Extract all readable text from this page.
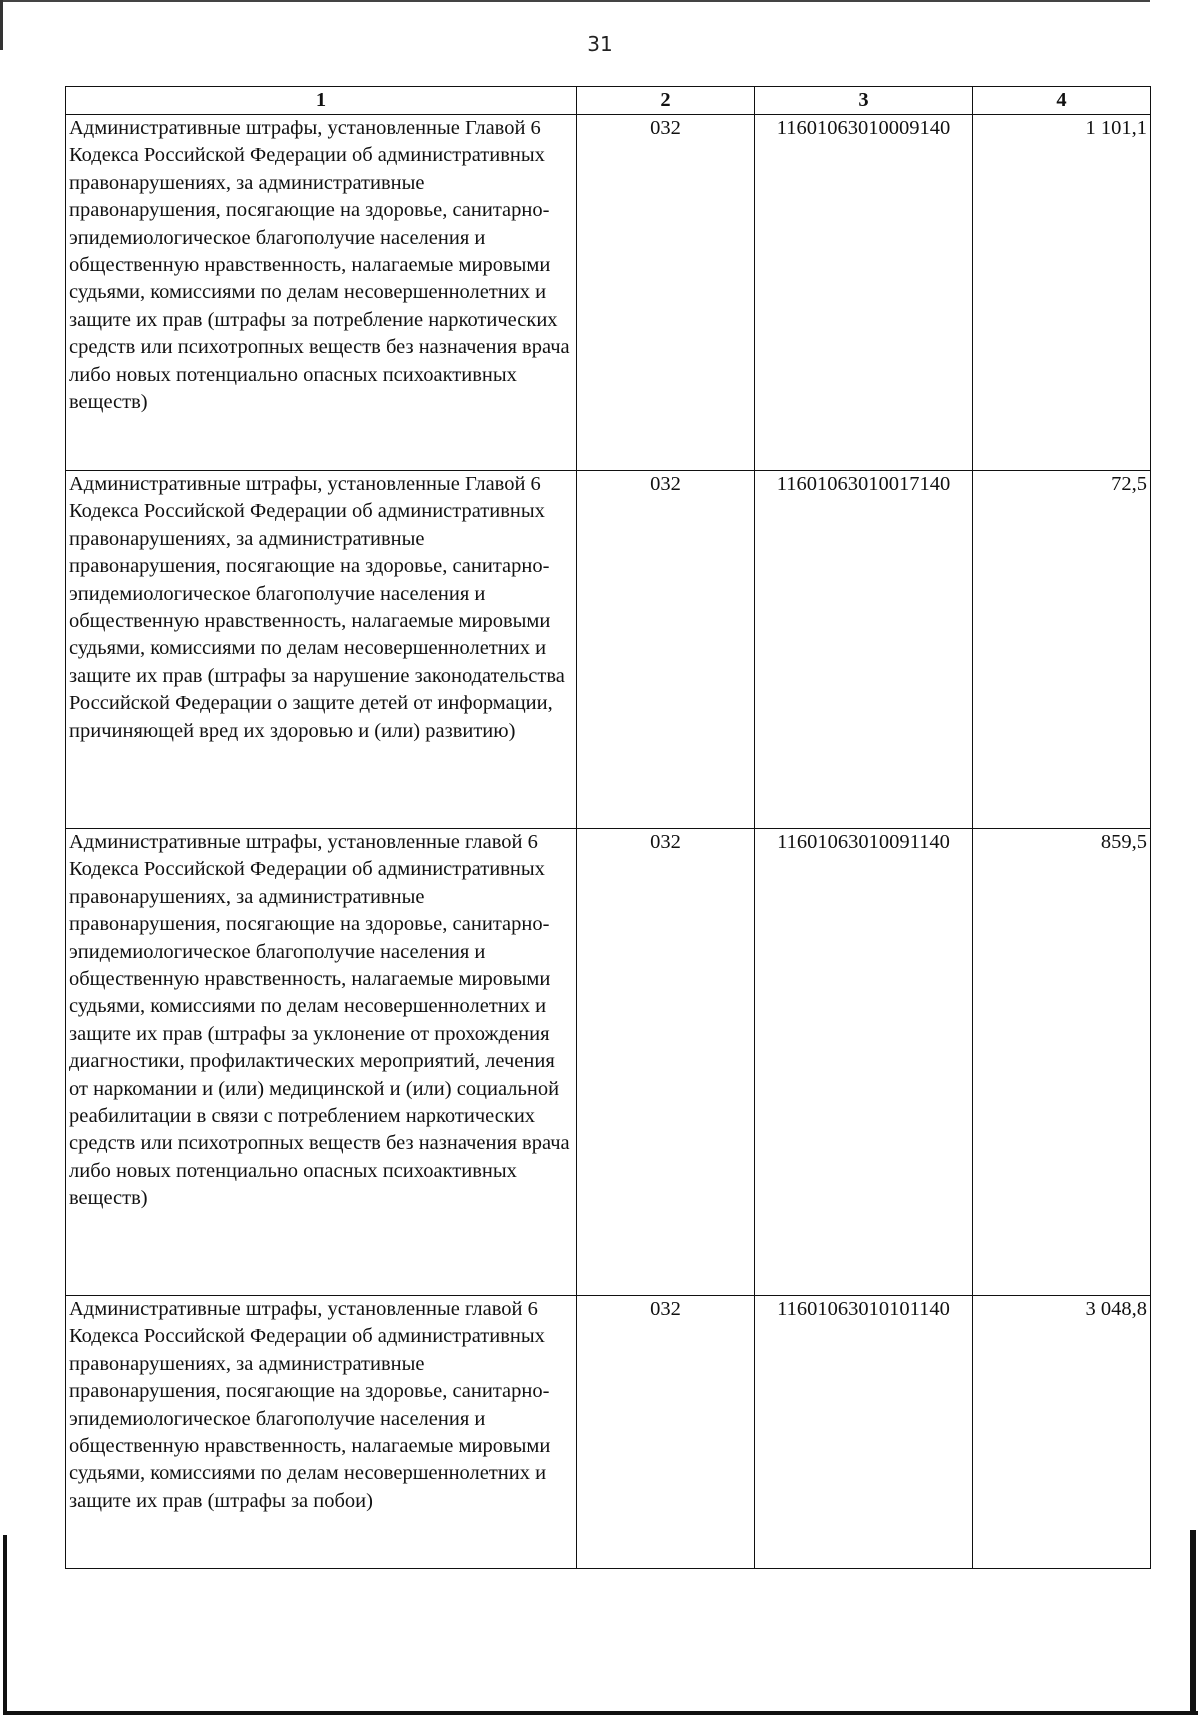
31
1	2	3	4
Административные штрафы, установленные Главой 6 Кодекса Российской Федерации об административных правонарушениях, за административные правонарушения, посягающие на здоровье, санитарно-эпидемиологическое благополучие населения и общественную нравственность, налагаемые мировыми судьями, комиссиями по делам несовершеннолетних и защите их прав (штрафы за потребление наркотических средств или психотропных веществ без назначения врача либо новых потенциально опасных психоактивных веществ)	032	11601063010009140	1 101,1
Административные штрафы, установленные Главой 6 Кодекса Российской Федерации об административных правонарушениях, за административные правонарушения, посягающие на здоровье, санитарно-эпидемиологическое благополучие населения и общественную нравственность, налагаемые мировыми судьями, комиссиями по делам несовершеннолетних и защите их прав (штрафы за нарушение законодательства Российской Федерации о защите детей от информации, причиняющей вред их здоровью и (или) развитию)	032	11601063010017140	72,5
Административные штрафы, установленные главой 6 Кодекса Российской Федерации об административных правонарушениях, за административные правонарушения, посягающие на здоровье, санитарно-эпидемиологическое благополучие населения и общественную нравственность, налагаемые мировыми судьями, комиссиями по делам несовершеннолетних и защите их прав (штрафы за уклонение от прохождения диагностики, профилактических мероприятий, лечения от наркомании и (или) медицинской и (или) социальной реабилитации в связи с потреблением наркотических средств или психотропных веществ без назначения врача либо новых потенциально опасных психоактивных веществ)	032	11601063010091140	859,5
Административные штрафы, установленные главой 6 Кодекса Российской Федерации об административных правонарушениях, за административные правонарушения, посягающие на здоровье, санитарно-эпидемиологическое благополучие населения и общественную нравственность, налагаемые мировыми судьями, комиссиями по делам несовершеннолетних и защите их прав (штрафы за побои)	032	11601063010101140	3 048,8
